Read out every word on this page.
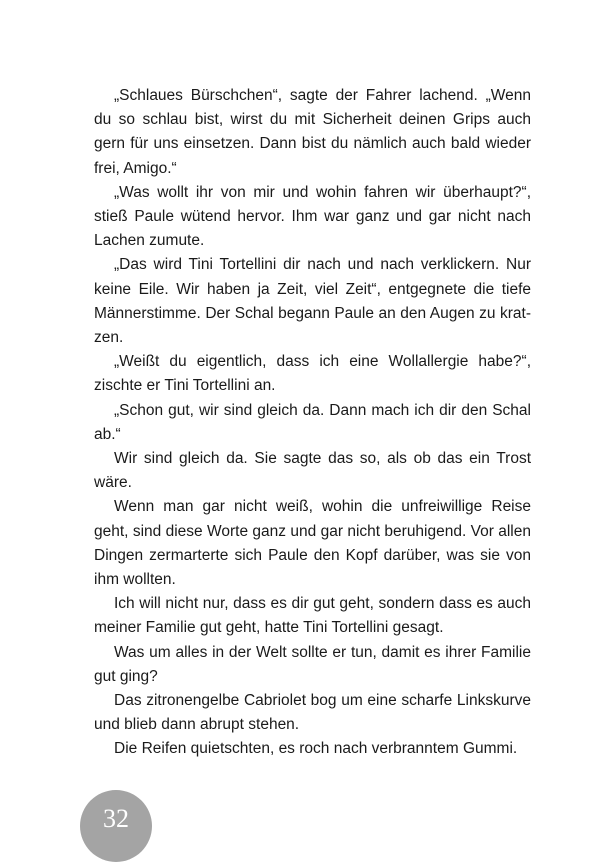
„Schlaues Bürschchen“, sagte der Fahrer lachend. „Wenn du so schlau bist, wirst du mit Sicherheit deinen Grips auch gern für uns einsetzen. Dann bist du nämlich auch bald wieder frei, Amigo.“

„Was wollt ihr von mir und wohin fahren wir überhaupt?“, stieß Paule wütend hervor. Ihm war ganz und gar nicht nach Lachen zumute.

„Das wird Tini Tortellini dir nach und nach verklickern. Nur keine Eile. Wir haben ja Zeit, viel Zeit“, entgegnete die tiefe Männerstimme. Der Schal begann Paule an den Augen zu kratzen.

„Weißt du eigentlich, dass ich eine Wollallergie habe?“, zischte er Tini Tortellini an.

„Schon gut, wir sind gleich da. Dann mach ich dir den Schal ab.“

Wir sind gleich da. Sie sagte das so, als ob das ein Trost wäre.

Wenn man gar nicht weiß, wohin die unfreiwillige Reise geht, sind diese Worte ganz und gar nicht beruhigend. Vor allen Dingen zermarterte sich Paule den Kopf darüber, was sie von ihm wollten.

Ich will nicht nur, dass es dir gut geht, sondern dass es auch meiner Familie gut geht, hatte Tini Tortellini gesagt.

Was um alles in der Welt sollte er tun, damit es ihrer Familie gut ging?

Das zitronengelbe Cabriolet bog um eine scharfe Linkskurve und blieb dann abrupt stehen.

Die Reifen quietschten, es roch nach verbranntem Gummi.

32
